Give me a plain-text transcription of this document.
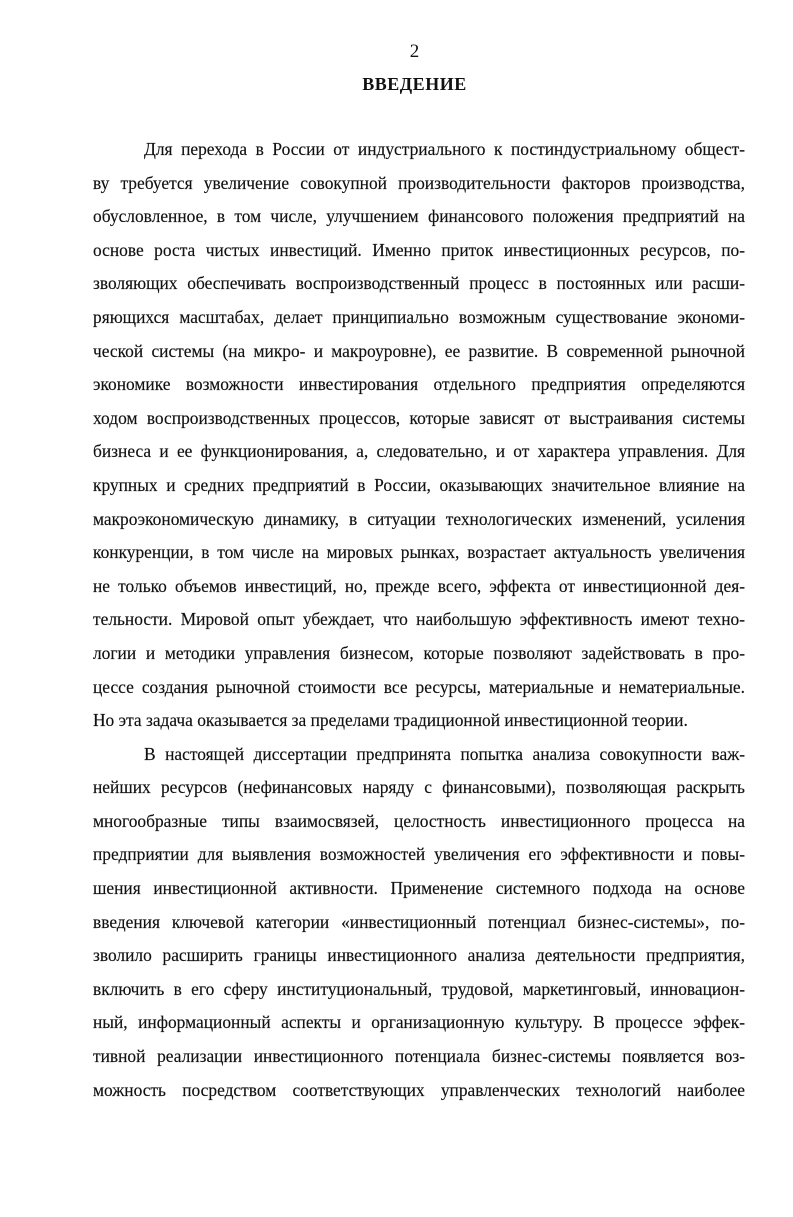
2
ВВЕДЕНИЕ
Для перехода в России от индустриального к постиндустриальному общест-
ву требуется увеличение совокупной производительности факторов производства,
обусловленное, в том числе, улучшением финансового положения предприятий на
основе роста чистых инвестиций. Именно приток инвестиционных ресурсов, по-
зволяющих обеспечивать воспроизводственный процесс в постоянных или расши-
ряющихся масштабах, делает принципиально возможным существование экономи-
ческой системы (на микро- и макроуровне), ее развитие. В современной рыночной
экономике возможности инвестирования отдельного предприятия определяются
ходом воспроизводственных процессов, которые зависят от выстраивания системы
бизнеса и ее функционирования, а, следовательно, и от характера управления. Для
крупных и средних предприятий в России, оказывающих значительное влияние на
макроэкономическую динамику, в ситуации технологических изменений, усиления
конкуренции, в том числе на мировых рынках, возрастает актуальность увеличения
не только объемов инвестиций, но, прежде всего, эффекта от инвестиционной дея-
тельности. Мировой опыт убеждает, что наибольшую эффективность имеют техно-
логии и методики управления бизнесом, которые позволяют задействовать в про-
цессе создания рыночной стоимости все ресурсы, материальные и нематериальные.
Но эта задача оказывается за пределами традиционной инвестиционной теории.
В настоящей диссертации предпринята попытка анализа совокупности важ-
нейших ресурсов (нефинансовых наряду с финансовыми), позволяющая раскрыть
многообразные типы взаимосвязей, целостность инвестиционного процесса на
предприятии для выявления возможностей увеличения его эффективности и повы-
шения инвестиционной активности. Применение системного подхода на основе
введения ключевой категории «инвестиционный потенциал бизнес-системы», по-
зволило расширить границы инвестиционного анализа деятельности предприятия,
включить в его сферу институциональный, трудовой, маркетинговый, инновацион-
ный, информационный аспекты и организационную культуру. В процессе эффек-
тивной реализации инвестиционного потенциала бизнес-системы появляется воз-
можность посредством соответствующих управленческих технологий наиболее
